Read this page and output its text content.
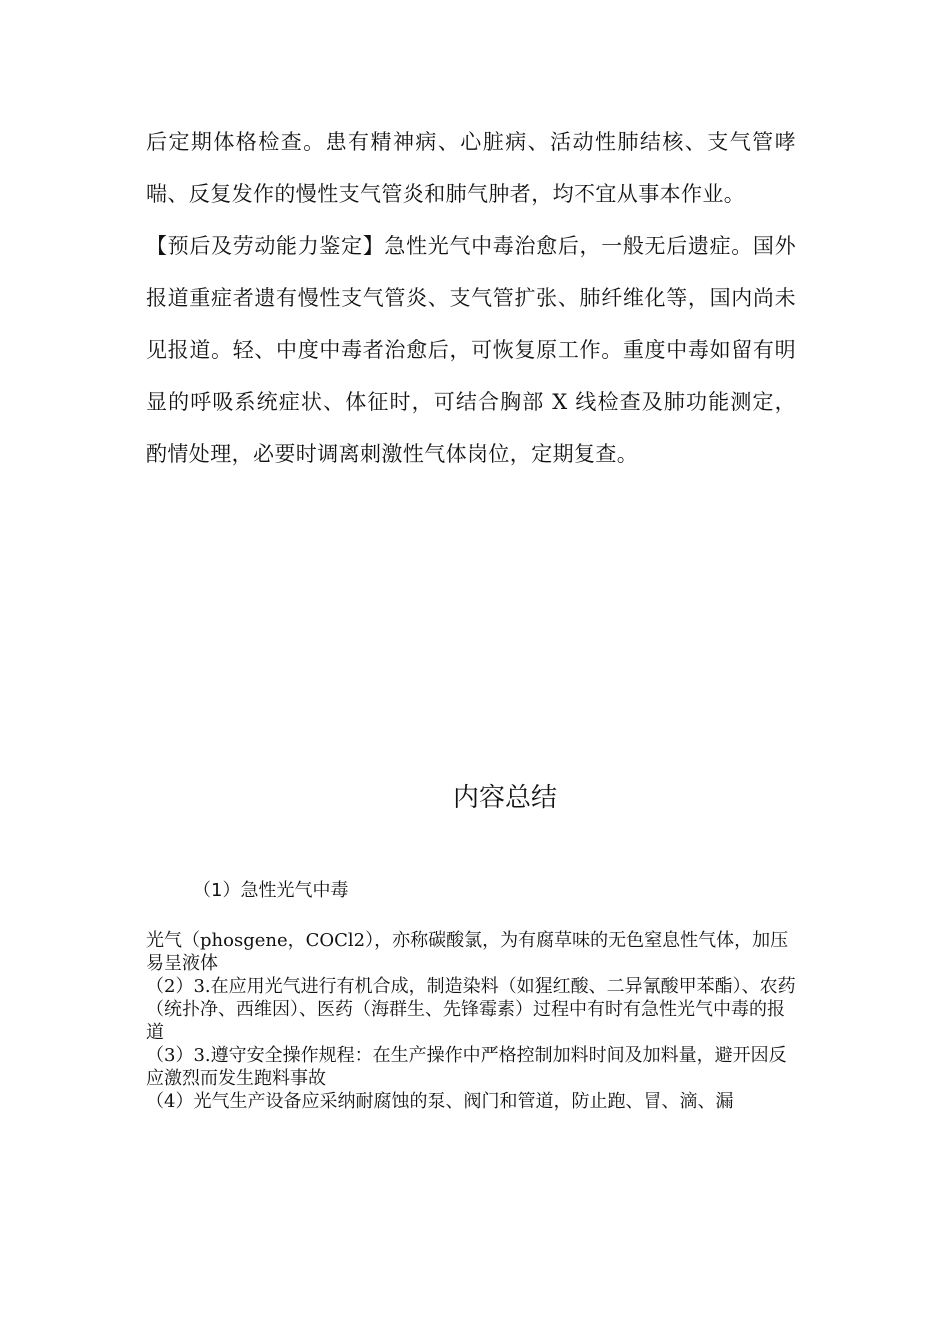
后定期体格检查。患有精神病、心脏病、活动性肺结核、支气管哮喘、反复发作的慢性支气管炎和肺气肿者，均不宜从事本作业。

【预后及劳动能力鉴定】急性光气中毒治愈后，一般无后遗症。国外报道重症者遗有慢性支气管炎、支气管扩张、肺纤维化等，国内尚未见报道。轻、中度中毒者治愈后，可恢复原工作。重度中毒如留有明显的呼吸系统症状、体征时，可结合胸部 X 线检查及肺功能测定，酌情处理，必要时调离刺激性气体岗位，定期复查。

内容总结
（1）急性光气中毒

光气（phosgene，COCl2），亦称碳酸氯，为有腐草味的无色窒息性气体，加压易呈液体

（2）3.在应用光气进行有机合成，制造染料（如猩红酸、二异氰酸甲苯酯）、农药（统扑净、西维因）、医药（海群生、先锋霉素）过程中有时有急性光气中毒的报道

（3）3.遵守安全操作规程：在生产操作中严格控制加料时间及加料量，避开因反应激烈而发生跑料事故

（4）光气生产设备应采纳耐腐蚀的泵、阀门和管道，防止跑、冒、滴、漏
